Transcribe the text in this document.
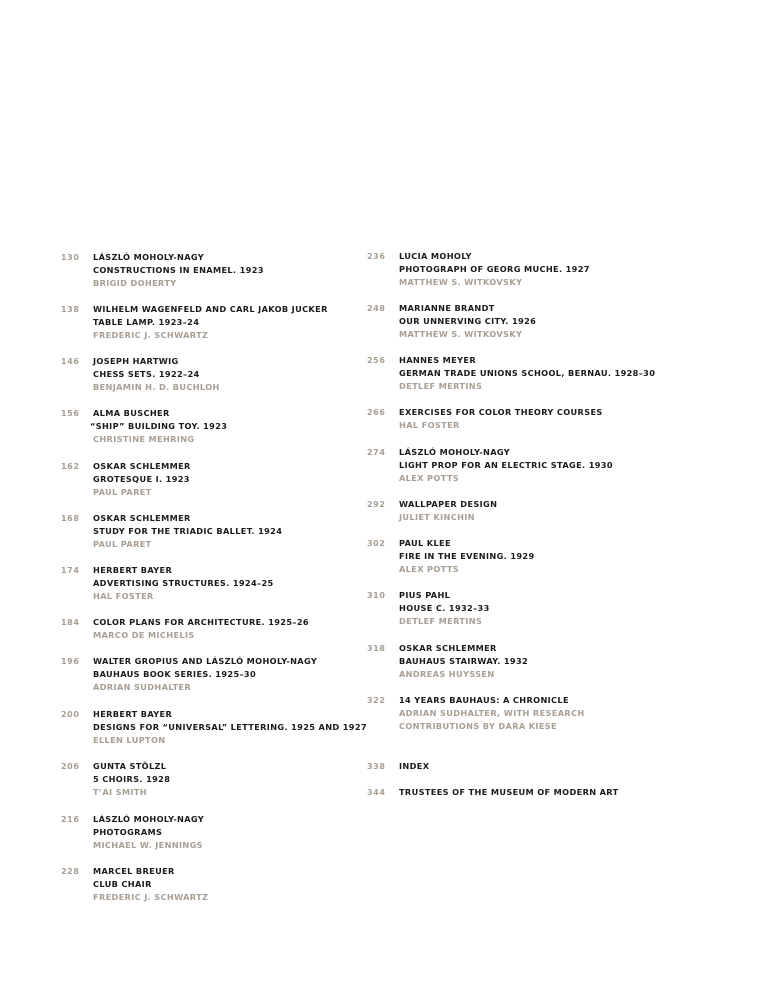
130	LÁSZLÓ MOHOLY-NAGY
CONSTRUCTIONS IN ENAMEL. 1923
BRIGID DOHERTY
138	WILHELM WAGENFELD AND CARL JAKOB JUCKER
TABLE LAMP. 1923–24
FREDERIC J. SCHWARTZ
146	JOSEPH HARTWIG
CHESS SETS. 1922–24
BENJAMIN H. D. BUCHLOH
156	ALMA BUSCHER
“SHIP” BUILDING TOY. 1923
CHRISTINE MEHRING
162	OSKAR SCHLEMMER
GROTESQUE I. 1923
PAUL PARET
168	OSKAR SCHLEMMER
STUDY FOR THE TRIADIC BALLET. 1924
PAUL PARET
174	HERBERT BAYER
ADVERTISING STRUCTURES. 1924–25
HAL FOSTER
184	COLOR PLANS FOR ARCHITECTURE. 1925–26
MARCO DE MICHELIS
196	WALTER GROPIUS AND LÁSZLÓ MOHOLY-NAGY
BAUHAUS BOOK SERIES. 1925–30
ADRIAN SUDHALTER
200	HERBERT BAYER
DESIGNS FOR “UNIVERSAL” LETTERING. 1925 AND 1927
ELLEN LUPTON
206	GUNTA STÖLZL
5 CHOIRS. 1928
T’AI SMITH
216	LÁSZLÓ MOHOLY-NAGY
PHOTOGRAMS
MICHAEL W. JENNINGS
228	MARCEL BREUER
CLUB CHAIR
FREDERIC J. SCHWARTZ
236	LUCIA MOHOLY
PHOTOGRAPH OF GEORG MUCHE. 1927
MATTHEW S. WITKOVSKY
248	MARIANNE BRANDT
OUR UNNERVING CITY. 1926
MATTHEW S. WITKOVSKY
256	HANNES MEYER
GERMAN TRADE UNIONS SCHOOL, BERNAU. 1928–30
DETLEF MERTINS
266	EXERCISES FOR COLOR THEORY COURSES
HAL FOSTER
274	LÁSZLÓ MOHOLY-NAGY
LIGHT PROP FOR AN ELECTRIC STAGE. 1930
ALEX POTTS
292	WALLPAPER DESIGN
JULIET KINCHIN
302	PAUL KLEE
FIRE IN THE EVENING. 1929
ALEX POTTS
310	PIUS PAHL
HOUSE C. 1932–33
DETLEF MERTINS
318	OSKAR SCHLEMMER
BAUHAUS STAIRWAY. 1932
ANDREAS HUYSSEN
322	14 YEARS BAUHAUS: A CHRONICLE
ADRIAN SUDHALTER, WITH RESEARCH
CONTRIBUTIONS BY DARA KIESE
338	INDEX
344	TRUSTEES OF THE MUSEUM OF MODERN ART
